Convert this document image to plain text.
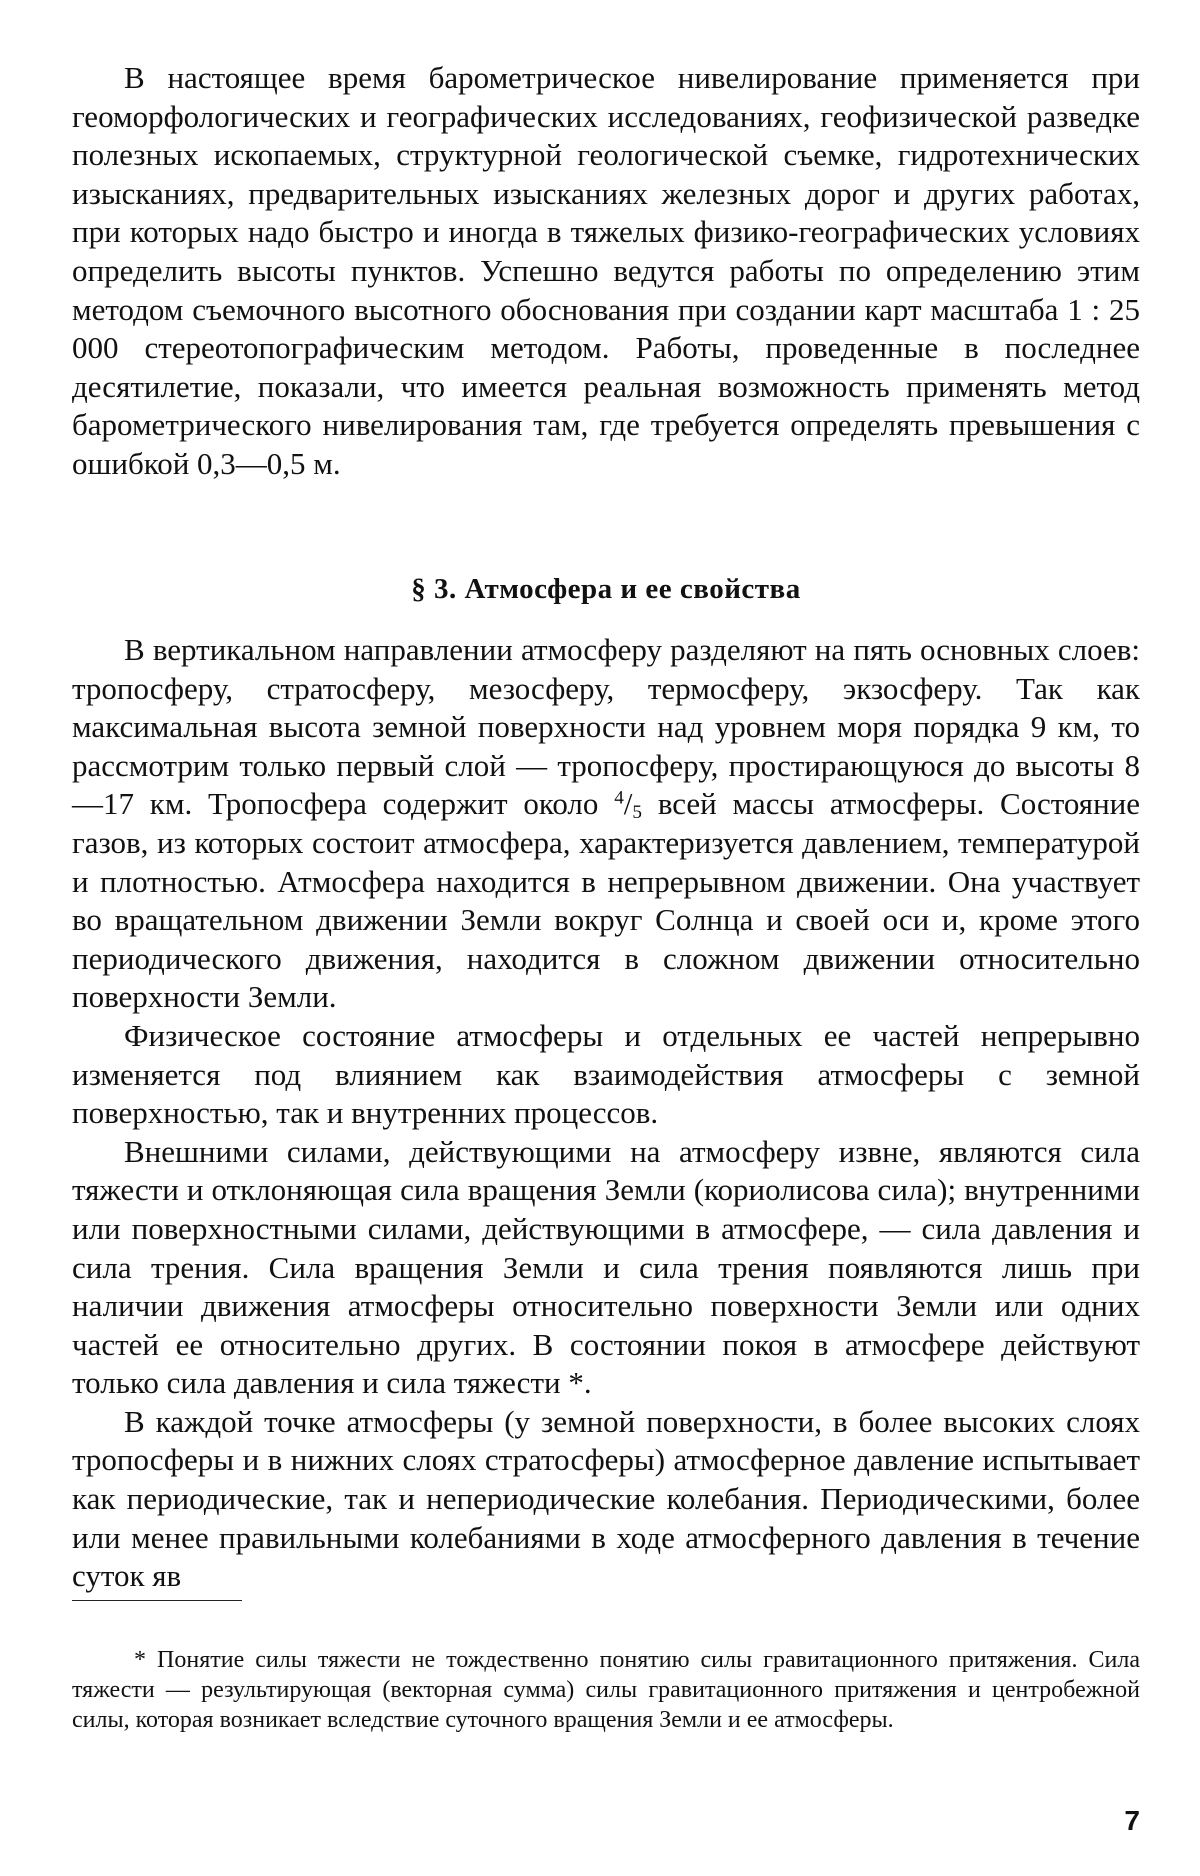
В настоящее время барометрическое нивелирование применяется при геоморфологических и географических исследованиях, геофизической разведке полезных ископаемых, структурной геологической съемке, гидротехнических изысканиях, предварительных изысканиях железных дорог и других работах, при которых надо быстро и иногда в тяжелых физико-географических условиях определить высоты пунктов. Успешно ведутся работы по определению этим методом съемочного высотного обоснования при создании карт масштаба 1 : 25 000 стереотопографическим методом. Работы, проведенные в последнее десятилетие, показали, что имеется реальная возможность применять метод барометрического нивелирования там, где требуется определять превышения с ошибкой 0,3—0,5 м.

§ 3. Атмосфера и ее свойства

В вертикальном направлении атмосферу разделяют на пять основных слоев: тропосферу, стратосферу, мезосферу, термосферу, экзосферу. Так как максимальная высота земной поверхности над уровнем моря порядка 9 км, то рассмотрим только первый слой — тропосферу, простирающуюся до высоты 8—17 км. Тропосфера содержит около $^4/_5$ всей массы атмосферы. Состояние газов, из которых состоит атмосфера, характеризуется давлением, температурой и плотностью. Атмосфера находится в непрерывном движении. Она участвует во вращательном движении Земли вокруг Солнца и своей оси и, кроме этого периодического движения, находится в сложном движении относительно поверхности Земли.

Физическое состояние атмосферы и отдельных ее частей непрерывно изменяется под влиянием как взаимодействия атмосферы с земной поверхностью, так и внутренних процессов.

Внешними силами, действующими на атмосферу извне, являются сила тяжести и отклоняющая сила вращения Земли (кориолисова сила); внутренними или поверхностными силами, действующими в атмосфере, — сила давления и сила трения. Сила вращения Земли и сила трения появляются лишь при наличии движения атмосферы относительно поверхности Земли или одних частей ее относительно других. В состоянии покоя в атмосфере действуют только сила давления и сила тяжести *.

В каждой точке атмосферы (у земной поверхности, в более высоких слоях тропосферы и в нижних слоях стратосферы) атмосферное давление испытывает как периодические, так и непериодические колебания. Периодическими, более или менее правильными колебаниями в ходе атмосферного давления в течение суток яв

* Понятие силы тяжести не тождественно понятию силы гравитационного притяжения. Сила тяжести — результирующая (векторная сумма) силы гравитационного притяжения и центробежной силы, которая возникает вследствие суточного вращения Земли и ее атмосферы.

7
